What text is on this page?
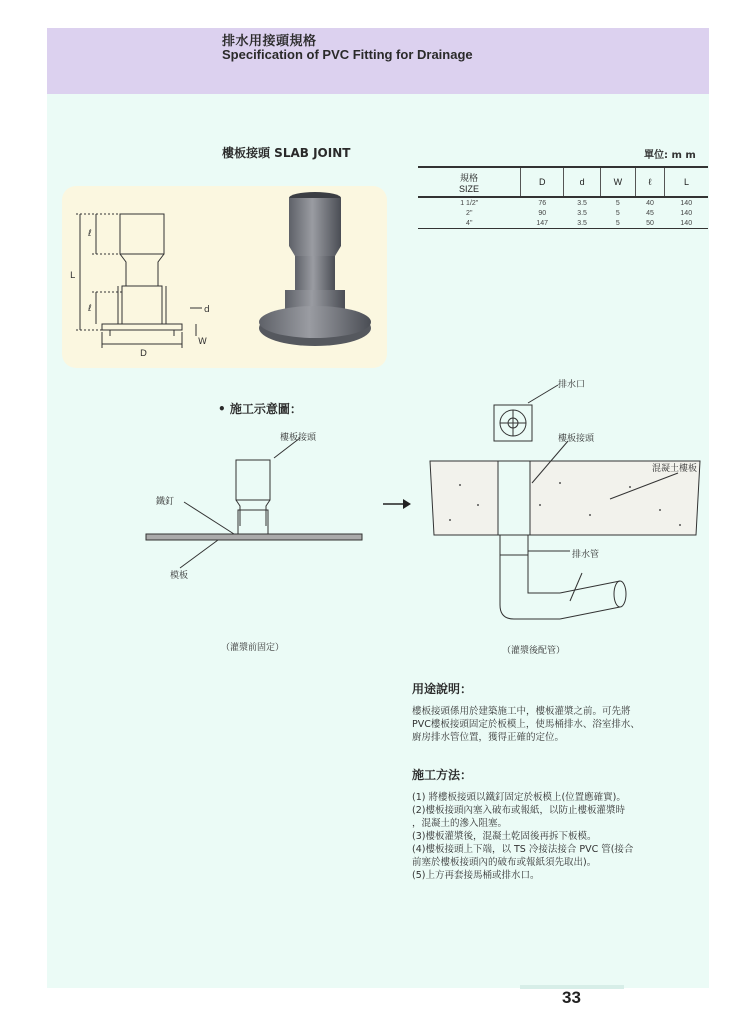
排水用接頭規格
Specification of PVC Fitting for Drainage
樓板接頭 SLAB JOINT	單位: m m
規格
SIZE	D	d	W	ℓ	L
1 1/2"	76	3.5	5	40	140
2"	90	3.5	5	45	140
4"	147	3.5	5	50	140
L
ℓ
ℓ	d
W
D
• 施工示意圖：
樓板接頭
鐵釘
模板
（灌漿前固定）
排水口
樓板接頭
混凝土樓板
排水管
（灌漿後配管）
用途說明：
樓板接頭係用於建築施工中，樓板灌漿之前。可先將
PVC樓板接頭固定於板模上，使馬桶排水、浴室排水、
廚房排水管位置，獲得正確的定位。
施工方法：
(1) 將樓板接頭以鐵釘固定於板模上(位置應確實)。
(2)樓板接頭內塞入破布或報紙，以防止樓板灌漿時
，混凝土的滲入阻塞。
(3)樓板灌漿後，混凝土乾固後再拆下板模。
(4)樓板接頭上下端，以 TS 冷接法接合 PVC 管(接合
前塞於樓板接頭內的破布或報紙須先取出)。
(5)上方再套接馬桶或排水口。
33
